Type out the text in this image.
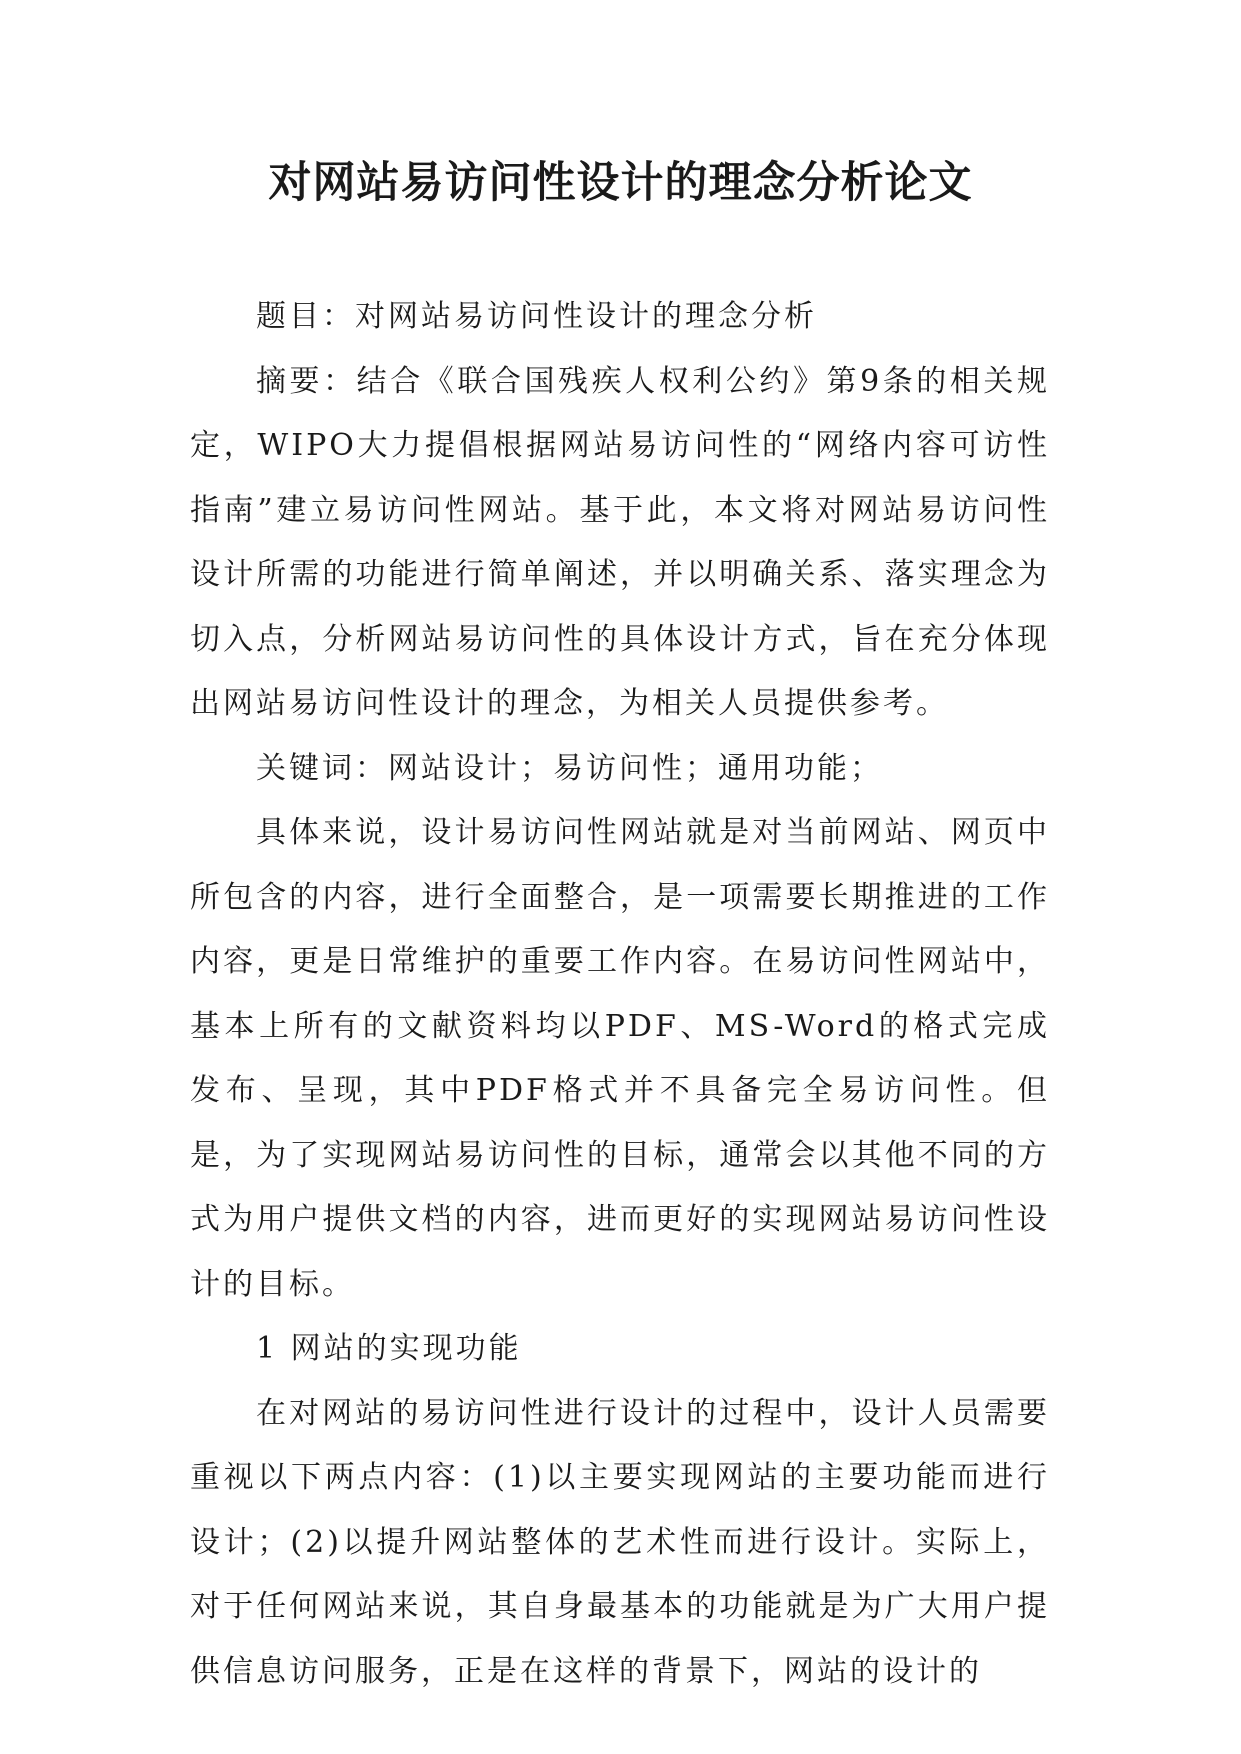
对网站易访问性设计的理念分析论文

题目：对网站易访问性设计的理念分析

摘要：结合《联合国残疾人权利公约》第9条的相关规定，WIPO大力提倡根据网站易访问性的“网络内容可访性指南”建立易访问性网站。基于此，本文将对网站易访问性设计所需的功能进行简单阐述，并以明确关系、落实理念为切入点，分析网站易访问性的具体设计方式，旨在充分体现出网站易访问性设计的理念，为相关人员提供参考。

关键词：网站设计；易访问性；通用功能；

具体来说，设计易访问性网站就是对当前网站、网页中所包含的内容，进行全面整合，是一项需要长期推进的工作内容，更是日常维护的重要工作内容。在易访问性网站中，基本上所有的文献资料均以PDF、MS-Word的格式完成发布、呈现，其中PDF格式并不具备完全易访问性。但是，为了实现网站易访问性的目标，通常会以其他不同的方式为用户提供文档的内容，进而更好的实现网站易访问性设计的目标。

1 网站的实现功能

在对网站的易访问性进行设计的过程中，设计人员需要重视以下两点内容：(1)以主要实现网站的主要功能而进行设计；(2)以提升网站整体的艺术性而进行设计。实际上，对于任何网站来说，其自身最基本的功能就是为广大用户提供信息访问服务，正是在这样的背景下，网站的设计的
